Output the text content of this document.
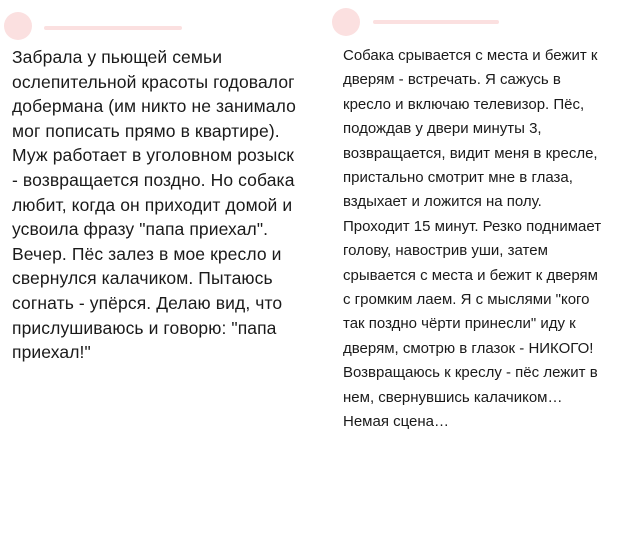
Забрала у пьющей семьи
ослепительной красоты годовалог
добермана (им никто не занимало
мог пописать прямо в квартире).
Муж работает в уголовном розыск
- возвращается поздно. Но собака
любит, когда он приходит домой и
усвоила фразу "папа приехал".
Вечер. Пёс залез в мое кресло и
свернулся калачиком. Пытаюсь
согнать - упёрся. Делаю вид, что
прислушиваюсь и говорю: "папа
приехал!"
Собака срывается с места и бежит к
дверям - встречать. Я сажусь в
кресло и включаю телевизор. Пёс,
подождав у двери минуты 3,
возвращается, видит меня в кресле,
пристально смотрит мне в глаза,
вздыхает и ложится на полу.
Проходит 15 минут. Резко поднимает
голову, навострив уши, затем
срывается с места и бежит к дверям
с громким лаем. Я с мыслями "кого
так поздно чёрти принесли" иду к
дверям, смотрю в глазок - НИКОГО!
Возвращаюсь к креслу - пёс лежит в
нем, свернувшись калачиком…
Немая сцена…
